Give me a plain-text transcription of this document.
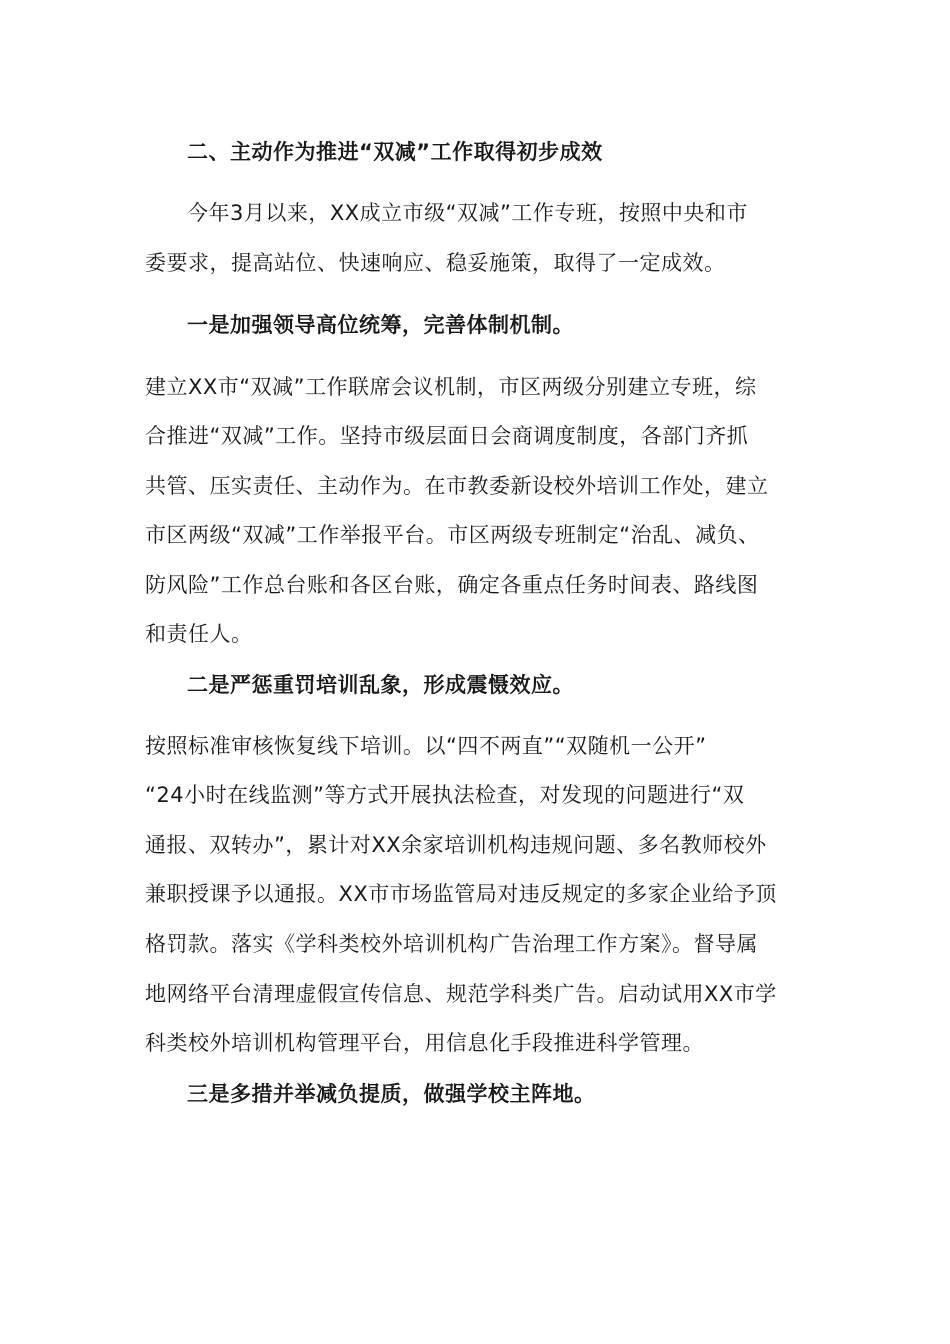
二、主动作为推进“双减”工作取得初步成效
今年3月以来，XX成立市级“双减”工作专班，按照中央和市
委要求，提高站位、快速响应、稳妥施策，取得了一定成效。
一是加强领导高位统筹，完善体制机制。
建立XX市“双减”工作联席会议机制，市区两级分别建立专班，综
合推进“双减”工作。坚持市级层面日会商调度制度，各部门齐抓
共管、压实责任、主动作为。在市教委新设校外培训工作处，建立
市区两级“双减”工作举报平台。市区两级专班制定“治乱、减负、
防风险”工作总台账和各区台账，确定各重点任务时间表、路线图
和责任人。
二是严惩重罚培训乱象，形成震慑效应。
按照标准审核恢复线下培训。以“四不两直”“双随机一公开”
“24小时在线监测”等方式开展执法检查，对发现的问题进行“双
通报、双转办”，累计对XX余家培训机构违规问题、多名教师校外
兼职授课予以通报。XX市市场监管局对违反规定的多家企业给予顶
格罚款。落实《学科类校外培训机构广告治理工作方案》。督导属
地网络平台清理虚假宣传信息、规范学科类广告。启动试用XX市学
科类校外培训机构管理平台，用信息化手段推进科学管理。
三是多措并举减负提质，做强学校主阵地。
